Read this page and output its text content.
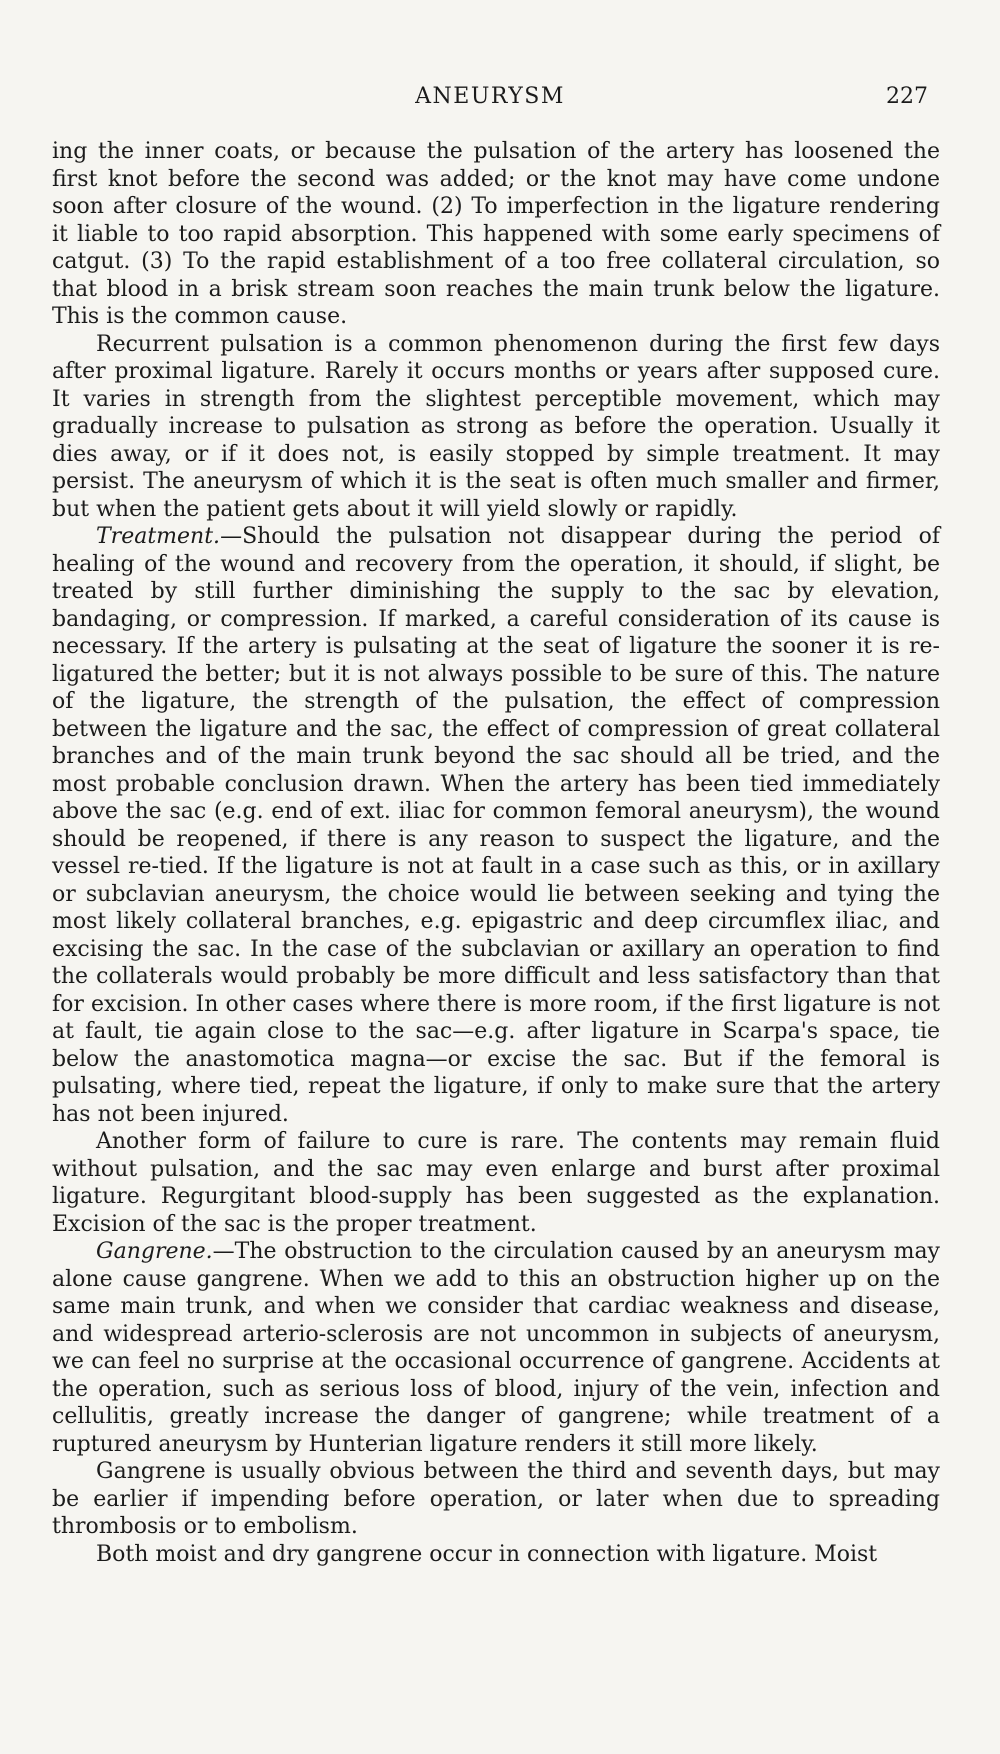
ANEURYSM	227

ing the inner coats, or because the pulsation of the artery has loosened the first knot before the second was added; or the knot may have come undone soon after closure of the wound. (2) To imperfection in the ligature rendering it liable to too rapid absorption. This happened with some early specimens of catgut. (3) To the rapid establishment of a too free collateral circulation, so that blood in a brisk stream soon reaches the main trunk below the ligature. This is the common cause.

Recurrent pulsation is a common phenomenon during the first few days after proximal ligature. Rarely it occurs months or years after supposed cure. It varies in strength from the slightest perceptible movement, which may gradually increase to pulsation as strong as before the operation. Usually it dies away, or if it does not, is easily stopped by simple treatment. It may persist. The aneurysm of which it is the seat is often much smaller and firmer, but when the patient gets about it will yield slowly or rapidly.

Treatment.—Should the pulsation not disappear during the period of healing of the wound and recovery from the operation, it should, if slight, be treated by still further diminishing the supply to the sac by elevation, bandaging, or compression. If marked, a careful consideration of its cause is necessary. If the artery is pulsating at the seat of ligature the sooner it is re-ligatured the better; but it is not always possible to be sure of this. The nature of the ligature, the strength of the pulsation, the effect of compression between the ligature and the sac, the effect of compression of great collateral branches and of the main trunk beyond the sac should all be tried, and the most probable conclusion drawn. When the artery has been tied immediately above the sac (e.g. end of ext. iliac for common femoral aneurysm), the wound should be reopened, if there is any reason to suspect the ligature, and the vessel re-tied. If the ligature is not at fault in a case such as this, or in axillary or subclavian aneurysm, the choice would lie between seeking and tying the most likely collateral branches, e.g. epigastric and deep circumflex iliac, and excising the sac. In the case of the subclavian or axillary an operation to find the collaterals would probably be more difficult and less satisfactory than that for excision. In other cases where there is more room, if the first ligature is not at fault, tie again close to the sac—e.g. after ligature in Scarpa's space, tie below the anastomotica magna—or excise the sac. But if the femoral is pulsating, where tied, repeat the ligature, if only to make sure that the artery has not been injured.

Another form of failure to cure is rare. The contents may remain fluid without pulsation, and the sac may even enlarge and burst after proximal ligature. Regurgitant blood-supply has been suggested as the explanation. Excision of the sac is the proper treatment.

Gangrene.—The obstruction to the circulation caused by an aneurysm may alone cause gangrene. When we add to this an obstruction higher up on the same main trunk, and when we consider that cardiac weakness and disease, and widespread arterio-sclerosis are not uncommon in subjects of aneurysm, we can feel no surprise at the occasional occurrence of gangrene. Accidents at the operation, such as serious loss of blood, injury of the vein, infection and cellulitis, greatly increase the danger of gangrene; while treatment of a ruptured aneurysm by Hunterian ligature renders it still more likely.

Gangrene is usually obvious between the third and seventh days, but may be earlier if impending before operation, or later when due to spreading thrombosis or to embolism.

Both moist and dry gangrene occur in connection with ligature. Moist
